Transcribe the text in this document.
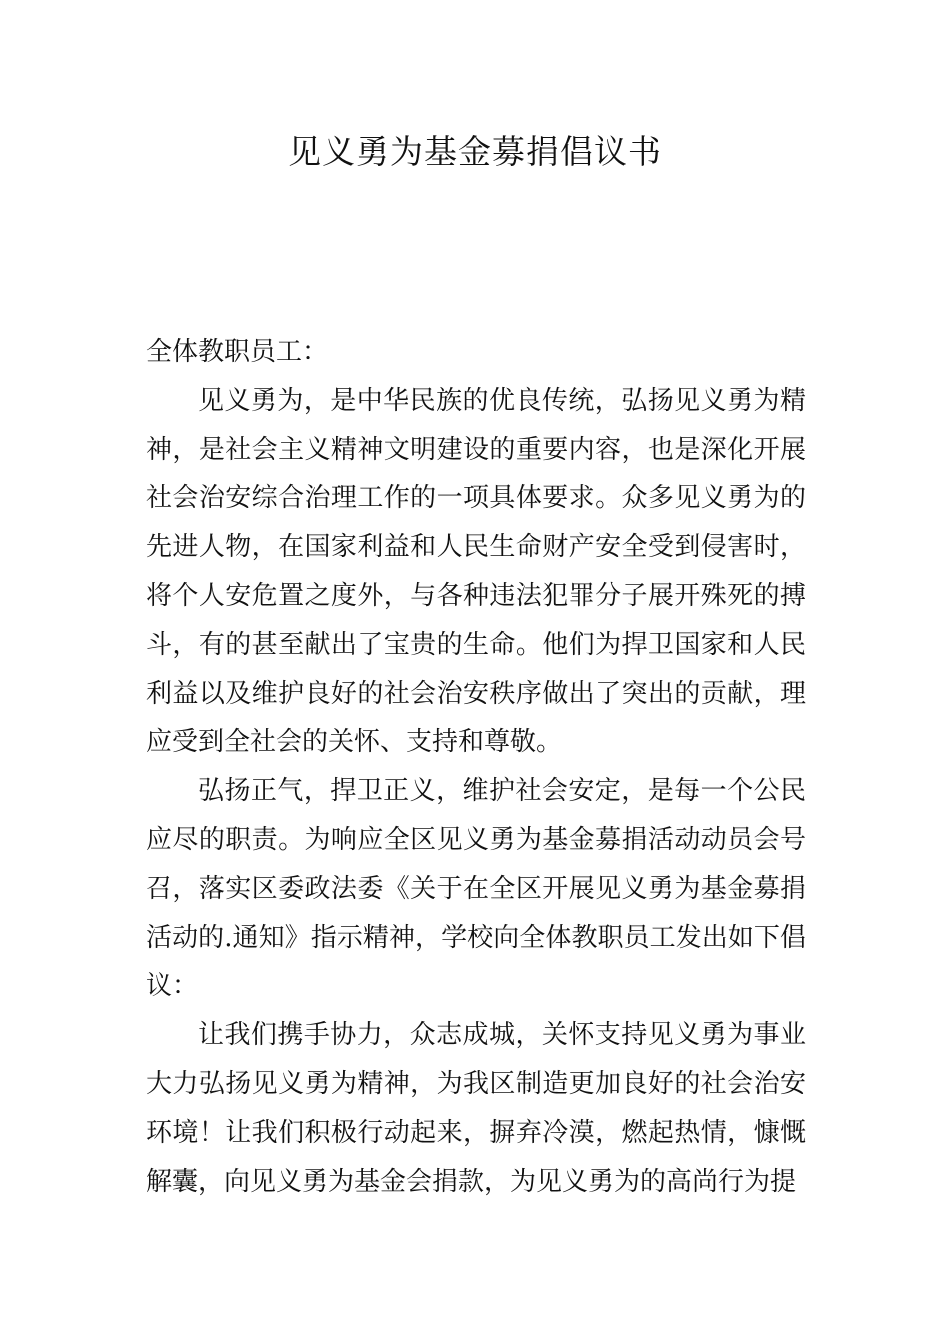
见义勇为基金募捐倡议书

全体教职员工：

见义勇为，是中华民族的优良传统，弘扬见义勇为精神，是社会主义精神文明建设的重要内容，也是深化开展社会治安综合治理工作的一项具体要求。众多见义勇为的先进人物，在国家利益和人民生命财产安全受到侵害时，将个人安危置之度外，与各种违法犯罪分子展开殊死的搏斗，有的甚至献出了宝贵的生命。他们为捍卫国家和人民利益以及维护良好的社会治安秩序做出了突出的贡献，理应受到全社会的关怀、支持和尊敬。

弘扬正气，捍卫正义，维护社会安定，是每一个公民应尽的职责。为响应全区见义勇为基金募捐活动动员会号召，落实区委政法委《关于在全区开展见义勇为基金募捐活动的.通知》指示精神，学校向全体教职员工发出如下倡议：

让我们携手协力，众志成城，关怀支持见义勇为事业大力弘扬见义勇为精神，为我区制造更加良好的社会治安环境！让我们积极行动起来，摒弃冷漠，燃起热情，慷慨解囊，向见义勇为基金会捐款，为见义勇为的高尚行为提
